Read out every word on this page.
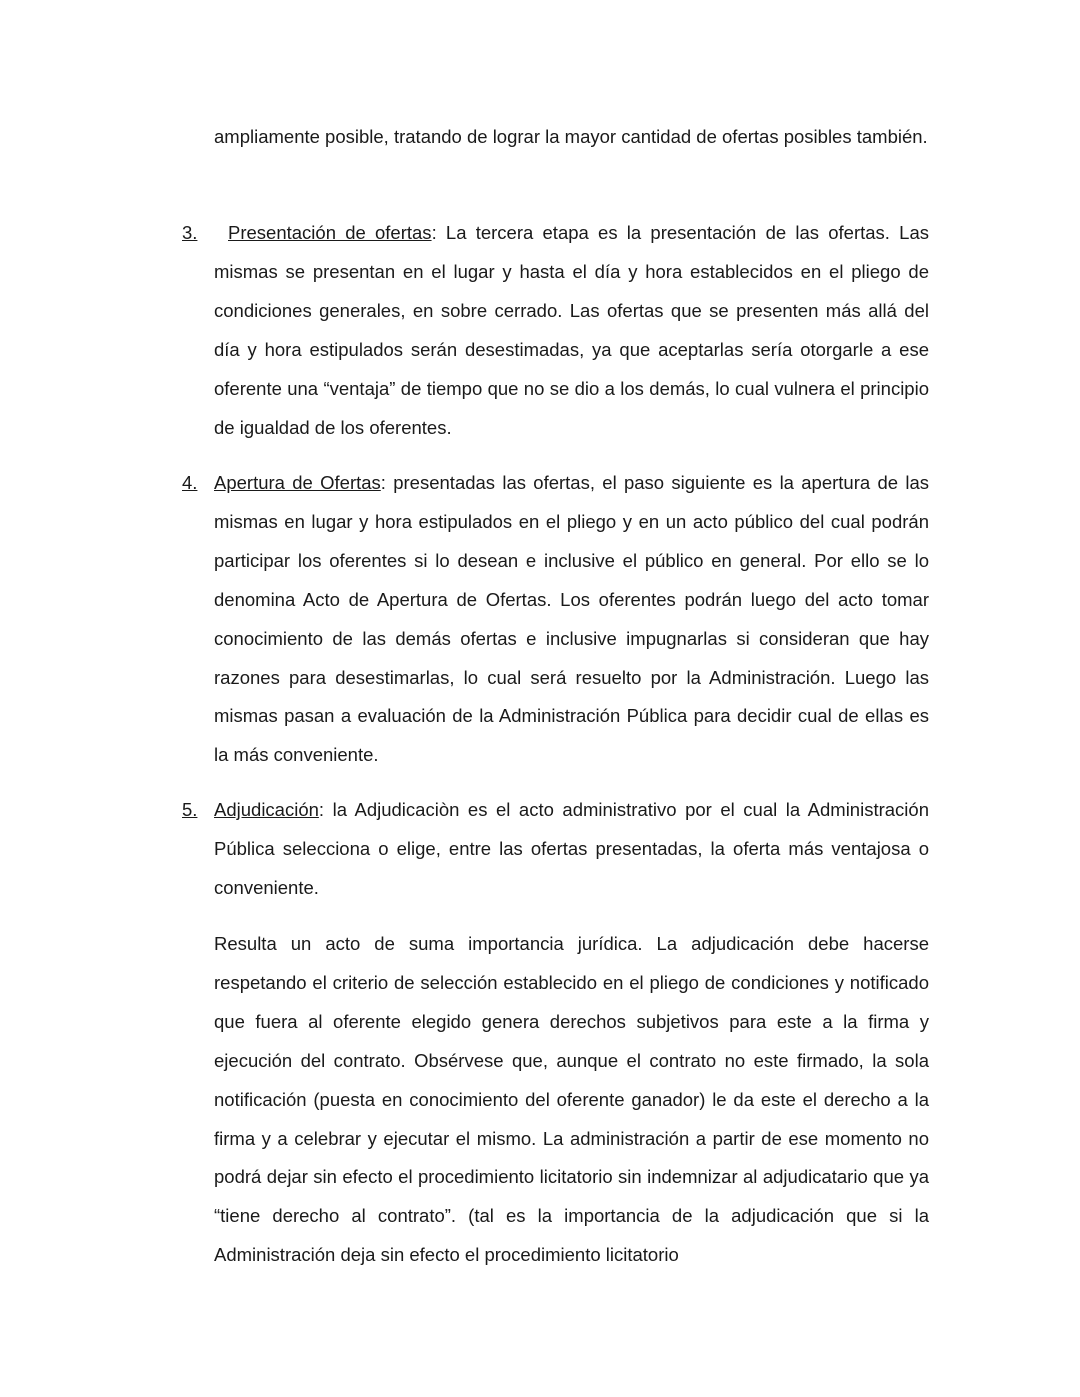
ampliamente posible, tratando de lograr la mayor cantidad de ofertas posibles también.

3.	Presentación de ofertas: La tercera etapa es la presentación de las ofertas. Las mismas se presentan en el lugar y hasta el día y hora establecidos en el pliego de condiciones generales, en sobre cerrado. Las ofertas que se presenten más allá del día y hora estipulados serán desestimadas, ya que aceptarlas sería otorgarle a ese oferente una “ventaja” de tiempo que no se dio a los demás, lo cual vulnera el principio de igualdad de los oferentes.

4. Apertura de Ofertas: presentadas las ofertas, el paso siguiente es la apertura de las mismas en lugar y hora estipulados en el pliego y en un acto público del cual podrán participar los oferentes si lo desean e inclusive el público en general. Por ello se lo denomina Acto de Apertura de Ofertas. Los oferentes podrán luego del acto tomar conocimiento de las demás ofertas e inclusive impugnarlas si consideran que hay razones para desestimarlas, lo cual será resuelto por la Administración. Luego las mismas pasan a evaluación de la Administración Pública para decidir cual de ellas es la más conveniente.

5. Adjudicación: la Adjudicaciòn es el acto administrativo por el cual la Administración Pública selecciona o elige, entre las ofertas presentadas, la oferta más ventajosa o conveniente.

Resulta un acto de suma importancia jurídica. La adjudicación debe hacerse respetando el criterio de selección establecido en el pliego de condiciones y notificado que fuera al oferente elegido genera derechos subjetivos para este a la firma y ejecución del contrato. Obsérvese que, aunque el contrato no este firmado, la sola notificación (puesta en conocimiento del oferente ganador) le da este el derecho a la firma y a celebrar y ejecutar el mismo. La administración a partir de ese momento no podrá dejar sin efecto el procedimiento licitatorio sin indemnizar al adjudicatario que ya “tiene derecho al contrato”. (tal es la importancia de la adjudicación que si la Administración deja sin efecto el procedimiento licitatorio
